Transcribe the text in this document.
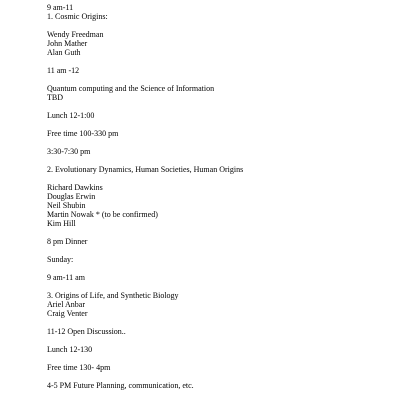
9 am-11

1. Cosmic Origins:

Wendy Freedman

John Mather

Alan Guth

11 am -12

Quantum computing and the Science of Information

TBD

Lunch 12-1:00

Free time 100-330 pm

3:30-7:30 pm

2. Evolutionary Dynamics, Human Societies, Human Origins

Richard Dawkins

Douglas Erwin

Neil Shubin

Martin Nowak * (to be confirmed)

Kim Hill

8 pm Dinner

Sunday:

9 am-11 am

3. Origins of Life, and Synthetic Biology

Ariel Anbar

Craig Venter

11-12 Open Discussion..

Lunch 12-130

Free time 130- 4pm

4-5 PM Future Planning, communication, etc.
